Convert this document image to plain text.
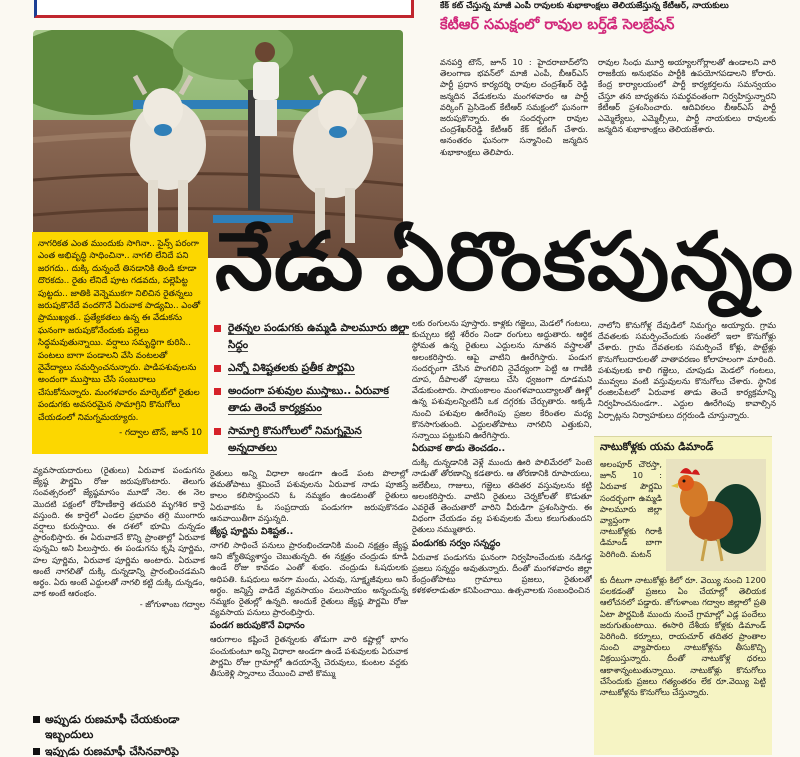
కేక్ కట్ చేస్తున్న మాజీ ఎంపీ రావులకు శుభాకాంక్షలు తెలియజేస్తున్న కేటీఆర్, నాయకులు
కేటీఆర్ సమక్షంలో రావుల బర్త్‌డే సెలబ్రేషన్
వనపర్తి టౌన్, జూన్ 10 : హైదరాబాద్‌లోని తెలంగాణ భవన్‌లో మాజీ ఎంపీ, బీఆర్‌ఎస్ పార్టీ ప్రధాన కార్యదర్శి రావుల చంద్రశేఖర్ రెడ్డి జన్మదిన వేడుకలను మంగళవారం ఆ పార్టీ వర్కింగ్ ప్రెసిడెంట్ కేటీఆర్ సమక్షంలో ఘనంగా జరుపుకొన్నారు. ఈ సందర్భంగా రావుల చంద్రశేఖర్‌రెడ్డి కేటీఆర్ కేక్ కటింగ్ చేశారు. అనంతరం ఘనంగా సన్మానించి జన్మదిన శుభాకాంక్షలు తెలిపారు.
రావుల సింధు మూర్తి అయ్యాలగోర్లాలతో ఉండాలని వారి రాజకీయ అనుభవం పార్టీకి ఉపయోగపడాలని కోరారు. కేంద్ర కార్యాలయంలో పార్టీ కార్యకర్తలను సమన్వయం చేస్తూ తన బాధ్యతను సమర్థవంతంగా నిర్వహిస్తున్నారని కేటీఆర్ ప్రశంసించారు. ఆదివిఠలం బీఆర్‌ఎస్ పార్టీ ఎమ్మెల్యేలు, ఎమ్మెల్సీలు, పార్టీ నాయకులు రావులకు జన్మదిన శుభాకాంక్షలు తెలియజేశారు.

నాగరికత ఎంత ముందుకు సాగినా.. సైన్స్ పరంగా ఎంత అభివృద్ధి సాధించినా.. నాగలి లేనిదే పని జరగదు.. దుక్కి దున్నందే తినడానికి తిండి కూడా దొరకదు.. రైతు లేనిదే పూట గడవదు, పల్లెపిట్ట పుట్టదు.. జాతికి వెన్నెముకగా నిలిచిన రైతన్నలు జరుపుకొనేదే వందగొనే ఏరువాక పాడ్యమి.. ఎంతో ప్రాముఖ్యత.. ప్రత్యేకతలు ఉన్న ఈ వేడుకను ఘనంగా జరుపుకోనేందుకు పల్లెలు సిద్ధమవుతున్నాయి. వర్షాలు సమృద్ధిగా కురిసి.. పంటలు బాగా పండాలని వేసి వంటలతో నైవేద్యాలు సమర్పించనున్నారు. పాడిపశువులను అందంగా ముస్తాబు చేసే సంబురాలు చేసుకోనున్నారు. మంగళవారం మార్కెట్‌లో రైతుల పండుగకు అవసరమైన సామాగ్రిని కొనుగోలు చేయడంలో నిమగ్నమయ్యారు.

- గద్వాల టౌన్, జూన్ 10

నేడు ఏరొంకపున్నం
రైతన్నల పండుగకు ఉమ్మడి పాలమూరు జిల్లా సిద్ధం
ఎన్నో విశిష్టతలకు ప్రతీక పౌర్ణమి
అందంగా పశువుల ముస్తాబు.. ఏరువాక తాడు తెంచే కార్యక్రమం
సామాగ్రి కొనుగోలులో నిమగ్నమైన అన్నదాతలు
రైతులు అన్ని విధాలా అండగా ఉండే పంట పొలాల్లో తమతోపాటు శ్రమించే పశువులను ఏరువాక నాడు పూజిస్తే కాలం కలిసొస్తుందని ఓ నమ్మకం ఉండటంతో రైతులు ఏరువాకను ఓ సంప్రదాయ పండుగగా జరుపుకొనడం ఆనవాయితీగా వస్తున్నది.
జ్యేష్ఠ పూర్ణిమ విశిష్టత..
నాగలి సాధించే పనులు ప్రారంభించడానికి మంచి నక్షత్రం జ్యేష్ఠ అని జ్యోతిష్యశాస్త్రం చెబుతున్నది. ఈ నక్షత్రం చంద్రుడు కూడి ఉండే రోజు కావడం ఎంతో శుభం. చంద్రుడు ఓషధులకు అధిపతి. ఓషధులు అనగా మందు, ఎరువు, సూక్ష్మజీవులు అని అర్థం. జన్మిస్తే వాడిదే వ్యవసాయం పలుసాయం అన్నందున్న నమ్మకం రైతుల్లో ఉన్నది. అందుకే రైతులు జ్యేష్ఠ పౌర్ణమి రోజు వ్యవసాయ పనులు ప్రారంభిస్తారు.
పండగ జరుపుకొనే విధానం
ఆరుగాలం కష్టించే రైతన్నలకు తోడుగా వారి కష్టాల్లో భాగం పంచుకుంటూ అన్ని విధాలా అండగా ఉండే పశువులకు ఏరువాక పౌర్ణమి రోజు గ్రామాల్లో ఉదయాన్నే చెరువులు, కుంటల వద్దకు తీసుకెళ్లి స్నానాలు చేయించి వాటి కొమ్ము
వ్యవసాయదారులు (రైతులు) ఏరువాక పండుగను జ్యేష్ఠ పౌర్ణమి రోజు జరుపుకొంటారు. తెలుగు సంవత్సరంలో జ్యేష్ఠమాసం మూడో నెల. ఈ నెల మొదటి పక్షంలో రోహిణీకార్తె తదుపరి మృగశిర కార్తె వస్తుంది. ఈ కార్తెలో ఎండల ప్రభావం తగ్గి ముంగారు వర్షాలు కురుస్తాయి. ఈ దశలో భూమి దున్నడం ప్రారంభిస్తారు. ఈ ఏరువాకనే కొన్ని ప్రాంతాల్లో ఏరువాక పున్నమి అని పిలుస్తారు. ఈ పండుగను కృషి పూర్ణిమ, హల పూర్ణిమ, ఏరువాక పూర్ణిమ అంటారు. ఏరువాక అంటే నాగలితో దుక్కి దున్నడాన్ని ప్రారంభించడమని అర్థం. ఏరు అంటే ఎద్దులతో నాగలి కట్టి దుక్కి దున్నడం, వాక అంటే ఆరంభం.
- జోగుళాంబ గద్వాల
అప్పుడు రుణమాఫీ చేయకుండా ఇబ్బందులు
ఇప్పుడు రుణమాఫీ చేసినవారిపై
లకు రంగులను పూస్తారు. కాళ్లకు గజ్జెలు, మెడలో గంటలు, కుచ్చులు కట్టి శరీరం నిండా రంగులు అద్దుతారు. ఆర్థిక స్థోమత ఉన్న రైతులు ఎద్దులను నూతన వస్త్రాలతో అలంకరిస్తారు. ఆపై వాటిని ఊరేగిస్తారు. పండుగ సందర్భంగా చేసిన పొంగలిని నైవేద్యంగా పెట్టి ఆ గాణికి దూప, దీపాలతో పూజలు చేసి ధ్వజంగా దూడమని వేడుకుంటారు. సాయంకాలం మంగళవాయిద్యాలతో ఊళ్లో ఉన్న పశువులన్నింటినీ ఒక దగ్గరకు చేర్చుతారు. అక్కడి నుంచి పశువుల ఊరేగింపు ప్రజల కేరింతల మధ్య కొనసాగుతుంది. ఎద్దులతోపాటు నాగలిని ఎత్తుకుని, సన్నాయి పట్టుకుని ఊరేగిస్తారు.
ఏరువాక తాడు తెంచడం..
దుక్కి దున్నడానికి వెళ్లే ముందు ఊరి పొలిమేరలో పెంటె నాడుతో తోరణాన్ని కడతారు. ఆ తోరణానికి రూపాయలు, జలేబీలు, గాజులు, గజ్జెలు తదితర వస్తువులను కట్టి అలంకరిస్తారు. వాటిని రైతులు చెర్నకోలతో కొడుతూ ఎవరైతే తెంచుతారో వారిని వీరుడిగా ప్రశంసిస్తారు. ఈ విధంగా చేయడం వల్ల పశువులకు మేలు కలుగుతుందని రైతులు నమ్ముతారు.
పండుగకు సర్వం సన్నద్ధం
ఏరువాక పండుగను ఘనంగా నిర్వహించేందుకు నడిగడ్డ ప్రజలు సన్నద్ధం అవుతున్నారు. దీంతో మంగళవారం జిల్లా కేంద్రంతోపాటు గ్రామాలు ప్రజలు, రైతులతో కళకళలాడుతూ కనిపించాయి. ఉత్సవాలకు సంబంధించిన
నాలోని కొనుగోళ్ల దేవుడిలో నిమగ్నం అయ్యారు. గ్రామ దేవతలకు సమర్పించేందుకు సంతలో ఇలా కొనుగోళ్లు చేశారు. గ్రామ దేవతలకు సమర్పించే కోళ్లు, పొట్టేళ్లు కొనుగోలుదారులతో వాతావరణం కోలాహలంగా మారింది. పశువులకు కాలి గజ్జెలు, చూపుడు మెడలో గంటలు, మువ్వలు వంటి వస్తువులను కొనుగోలు చేశారు. స్థానిక రంజిలపేటలో ఏరువాక తాడు తెంచే కార్యక్రమాన్ని నిర్వహించనుండగా.. ఎద్దుల ఊరేగింపు కావాల్సిన ఏర్పాట్లను నిర్వాహకులు దగ్గరుండి చూస్తున్నారు.
నాటుకోళ్లకు యమ డిమాండ్
అలంపూర్ చౌరస్తా, జూన్ 10 : ఏరువాక పౌర్ణమి సందర్భంగా ఉమ్మడి పాలమూరు జిల్లా వ్యాప్తంగా నాటుకోళ్లకు గిరాకీ డిమాండ్ బాగా పెరిగింది. మటన్‌
కు దీటుగా నాటుకోళ్లు కిలో రూ. వెయ్యి నుంచి 1200 పలకడంతో ప్రజలు ఏం చేయాల్లో తెలియక ఆలోచనలో పడ్డారు. జోగుళాంబ గద్వాల జిల్లాలో ప్రతి ఏటా పౌర్ణమికి ముందు నుంచే గ్రామాల్లో ఎడ్ల పందేలు జరుగుతుంటాయి. ఈసారి దేశీయ కోళ్లకు డిమాండ్ పెరిగింది. కర్నూలు, రాయచూర్ తదితర ప్రాంతాల నుంచి వ్యాపారులు నాటుకోళ్లను తీసుకొచ్చి విక్రయిస్తున్నారు. దీంతో నాటుకోళ్ల ధరలు ఆకాశాన్నంటుతున్నాయి. నాటుకోళ్లు కొనుగోలు చేసేందుకు ప్రజలు గత్యంతరం లేక రూ.వెయ్యి పెట్టి నాటుకోళ్లను కొనుగోలు చేస్తున్నారు.
